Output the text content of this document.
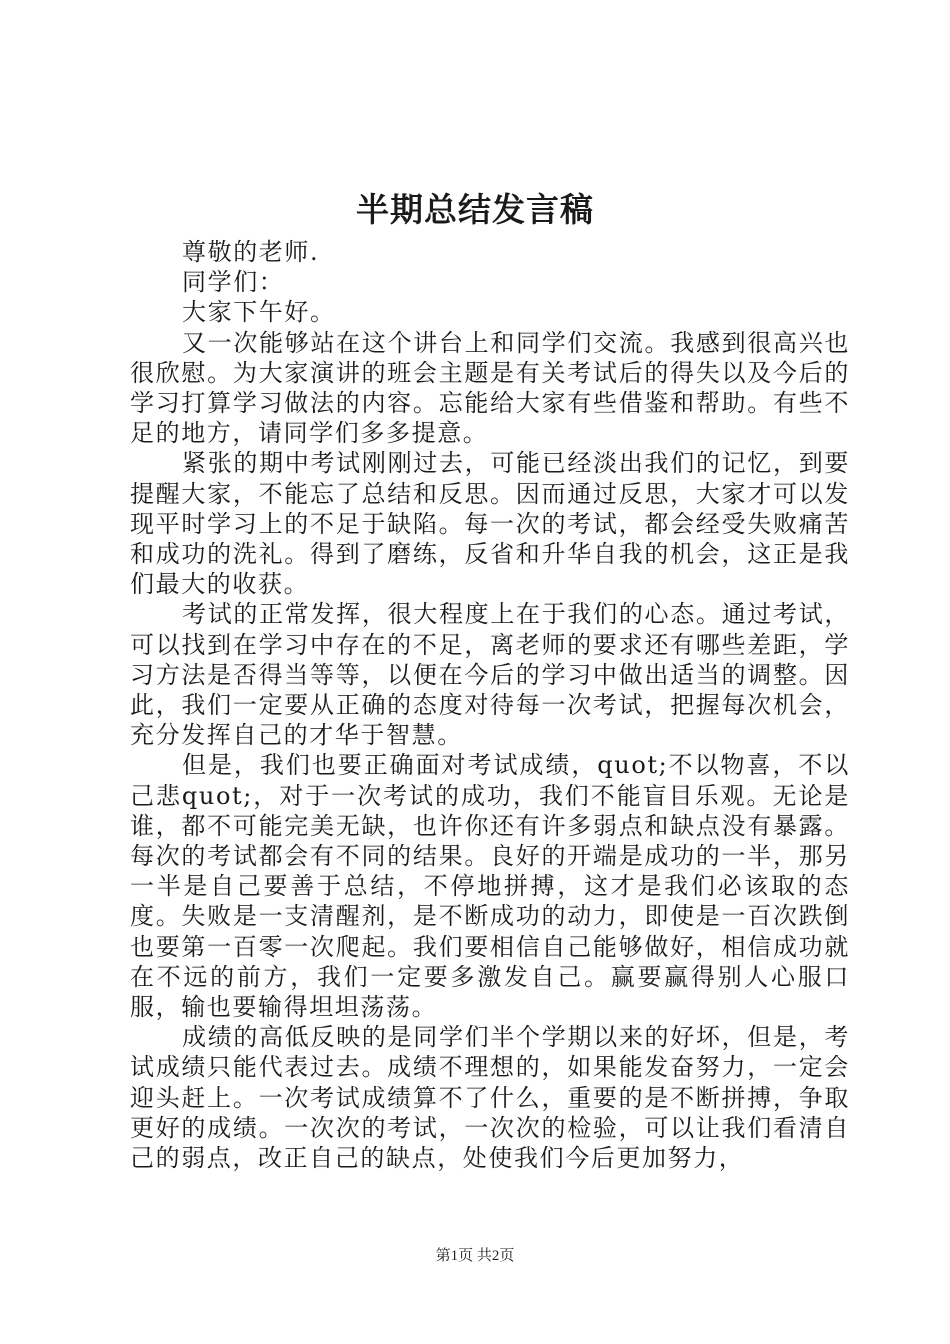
半期总结发言稿

尊敬的老师.

同学们：

大家下午好。

又一次能够站在这个讲台上和同学们交流。我感到很高兴也很欣慰。为大家演讲的班会主题是有关考试后的得失以及今后的学习打算学习做法的内容。忘能给大家有些借鉴和帮助。有些不足的地方，请同学们多多提意。

紧张的期中考试刚刚过去，可能已经淡出我们的记忆，到要提醒大家，不能忘了总结和反思。因而通过反思，大家才可以发现平时学习上的不足于缺陷。每一次的考试，都会经受失败痛苦和成功的洗礼。得到了磨练，反省和升华自我的机会，这正是我们最大的收获。

考试的正常发挥，很大程度上在于我们的心态。通过考试，可以找到在学习中存在的不足，离老师的要求还有哪些差距，学习方法是否得当等等，以便在今后的学习中做出适当的调整。因此，我们一定要从正确的态度对待每一次考试，把握每次机会，充分发挥自己的才华于智慧。

但是，我们也要正确面对考试成绩，quot;不以物喜，不以己悲quot;，对于一次考试的成功，我们不能盲目乐观。无论是谁，都不可能完美无缺，也许你还有许多弱点和缺点没有暴露。每次的考试都会有不同的结果。良好的开端是成功的一半，那另一半是自己要善于总结，不停地拼搏，这才是我们必该取的态度。失败是一支清醒剂，是不断成功的动力，即使是一百次跌倒也要第一百零一次爬起。我们要相信自己能够做好，相信成功就在不远的前方，我们一定要多激发自己。赢要赢得别人心服口服，输也要输得坦坦荡荡。

成绩的高低反映的是同学们半个学期以来的好坏，但是，考试成绩只能代表过去。成绩不理想的，如果能发奋努力，一定会迎头赶上。一次考试成绩算不了什么，重要的是不断拼搏，争取更好的成绩。一次次的考试，一次次的检验，可以让我们看清自己的弱点，改正自己的缺点，处使我们今后更加努力，

第1页 共2页
